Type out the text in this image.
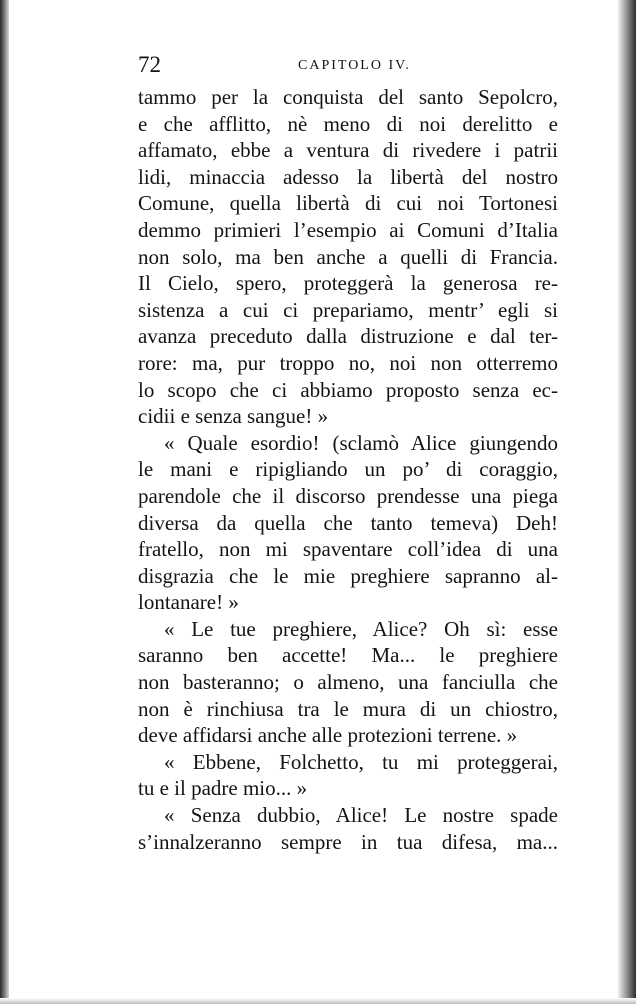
72	CAPITOLO IV.
tammo per la conquista del santo Sepolcro,
e che afflitto, nè meno di noi derelitto e
affamato, ebbe a ventura di rivedere i patrii
lidi, minaccia adesso la libertà del nostro
Comune, quella libertà di cui noi Tortonesi
demmo primieri l’esempio ai Comuni d’Italia
non solo, ma ben anche a quelli di Francia.
Il Cielo, spero, proteggerà la generosa re-
sistenza a cui ci prepariamo, mentr’ egli si
avanza preceduto dalla distruzione e dal ter-
rore: ma, pur troppo no, noi non otterremo
lo scopo che ci abbiamo proposto senza ec-
cidii e senza sangue! »
« Quale esordio! (sclamò Alice giungendo
le mani e ripigliando un po’ di coraggio,
parendole che il discorso prendesse una piega
diversa da quella che tanto temeva) Deh!
fratello, non mi spaventare coll’idea di una
disgrazia che le mie preghiere sapranno al-
lontanare! »
« Le tue preghiere, Alice? Oh sì: esse
saranno ben accette! Ma... le preghiere
non basteranno; o almeno, una fanciulla che
non è rinchiusa tra le mura di un chiostro,
deve affidarsi anche alle protezioni terrene. »
« Ebbene, Folchetto, tu mi proteggerai,
tu e il padre mio... »
« Senza dubbio, Alice! Le nostre spade
s’innalzeranno sempre in tua difesa, ma...
